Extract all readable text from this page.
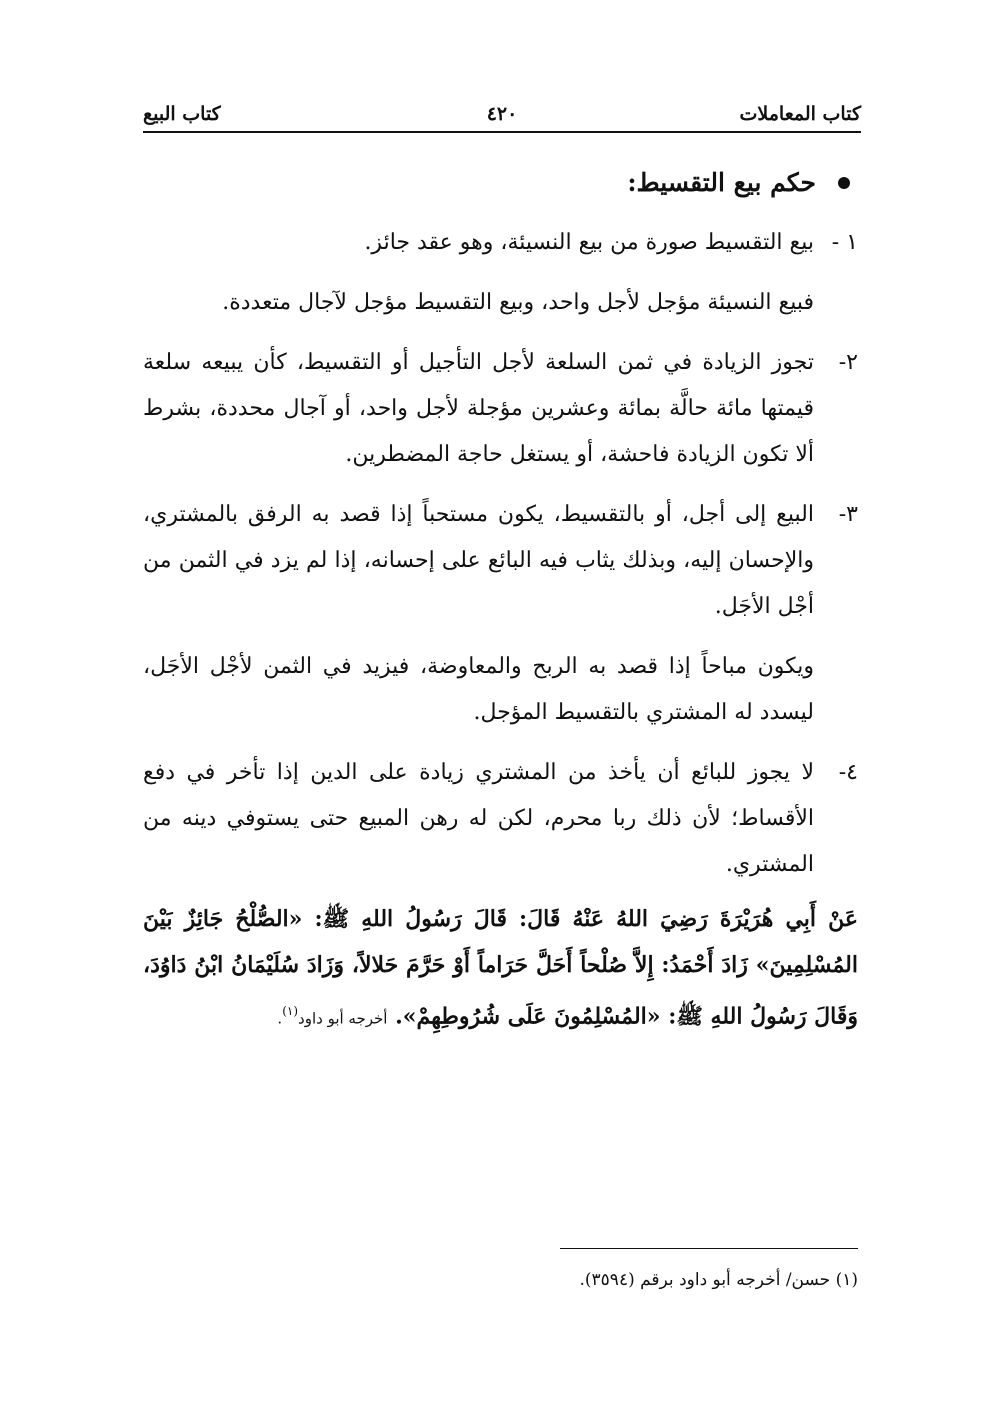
كتاب المعاملات
٤٢٠
كتاب البيع
حكم بيع التقسيط:
١ -
بيع التقسيط صورة من بيع النسيئة، وهو عقد جائز.

فبيع النسيئة مؤجل لأجل واحد، وبيع التقسيط مؤجل لآجال متعددة.

٢-
تجوز الزيادة في ثمن السلعة لأجل التأجيل أو التقسيط، كأن يبيعه سلعة قيمتها مائة حالَّة بمائة وعشرين مؤجلة لأجل واحد، أو آجال محددة، بشرط ألا تكون الزيادة فاحشة، أو يستغل حاجة المضطرين.
٣-
البيع إلى أجل، أو بالتقسيط، يكون مستحباً إذا قصد به الرفق بالمشتري، والإحسان إليه، وبذلك يثاب فيه البائع على إحسانه، إذا لم يزد في الثمن من أجْل الأجَل.

ويكون مباحاً إذا قصد به الربح والمعاوضة، فيزيد في الثمن لأجْل الأجَل، ليسدد له المشتري بالتقسيط المؤجل.

٤-
لا يجوز للبائع أن يأخذ من المشتري زيادة على الدين إذا تأخر في دفع الأقساط؛ لأن ذلك ربا محرم، لكن له رهن المبيع حتى يستوفي دينه من المشتري.

عَنْ أَبِي هُرَيْرَةَ رَضِيَ اللهُ عَنْهُ قَالَ: قَالَ رَسُولُ اللهِ ﷺ: «الصُّلْحُ جَائِزٌ بَيْنَ المُسْلِمِينَ» زَادَ أَحْمَدُ: إِلاَّ صُلْحاً أَحَلَّ حَرَاماً أَوْ حَرَّمَ حَلالاً، وَزَادَ سُلَيْمَانُ ابْنُ دَاوُدَ، وَقَالَ رَسُولُ اللهِ ﷺ: «المُسْلِمُونَ عَلَى شُرُوطِهِمْ». أخرجه أبو داود$^{(١)}$.

(١) حسن/ أخرجه أبو داود برقم (٣٥٩٤).
